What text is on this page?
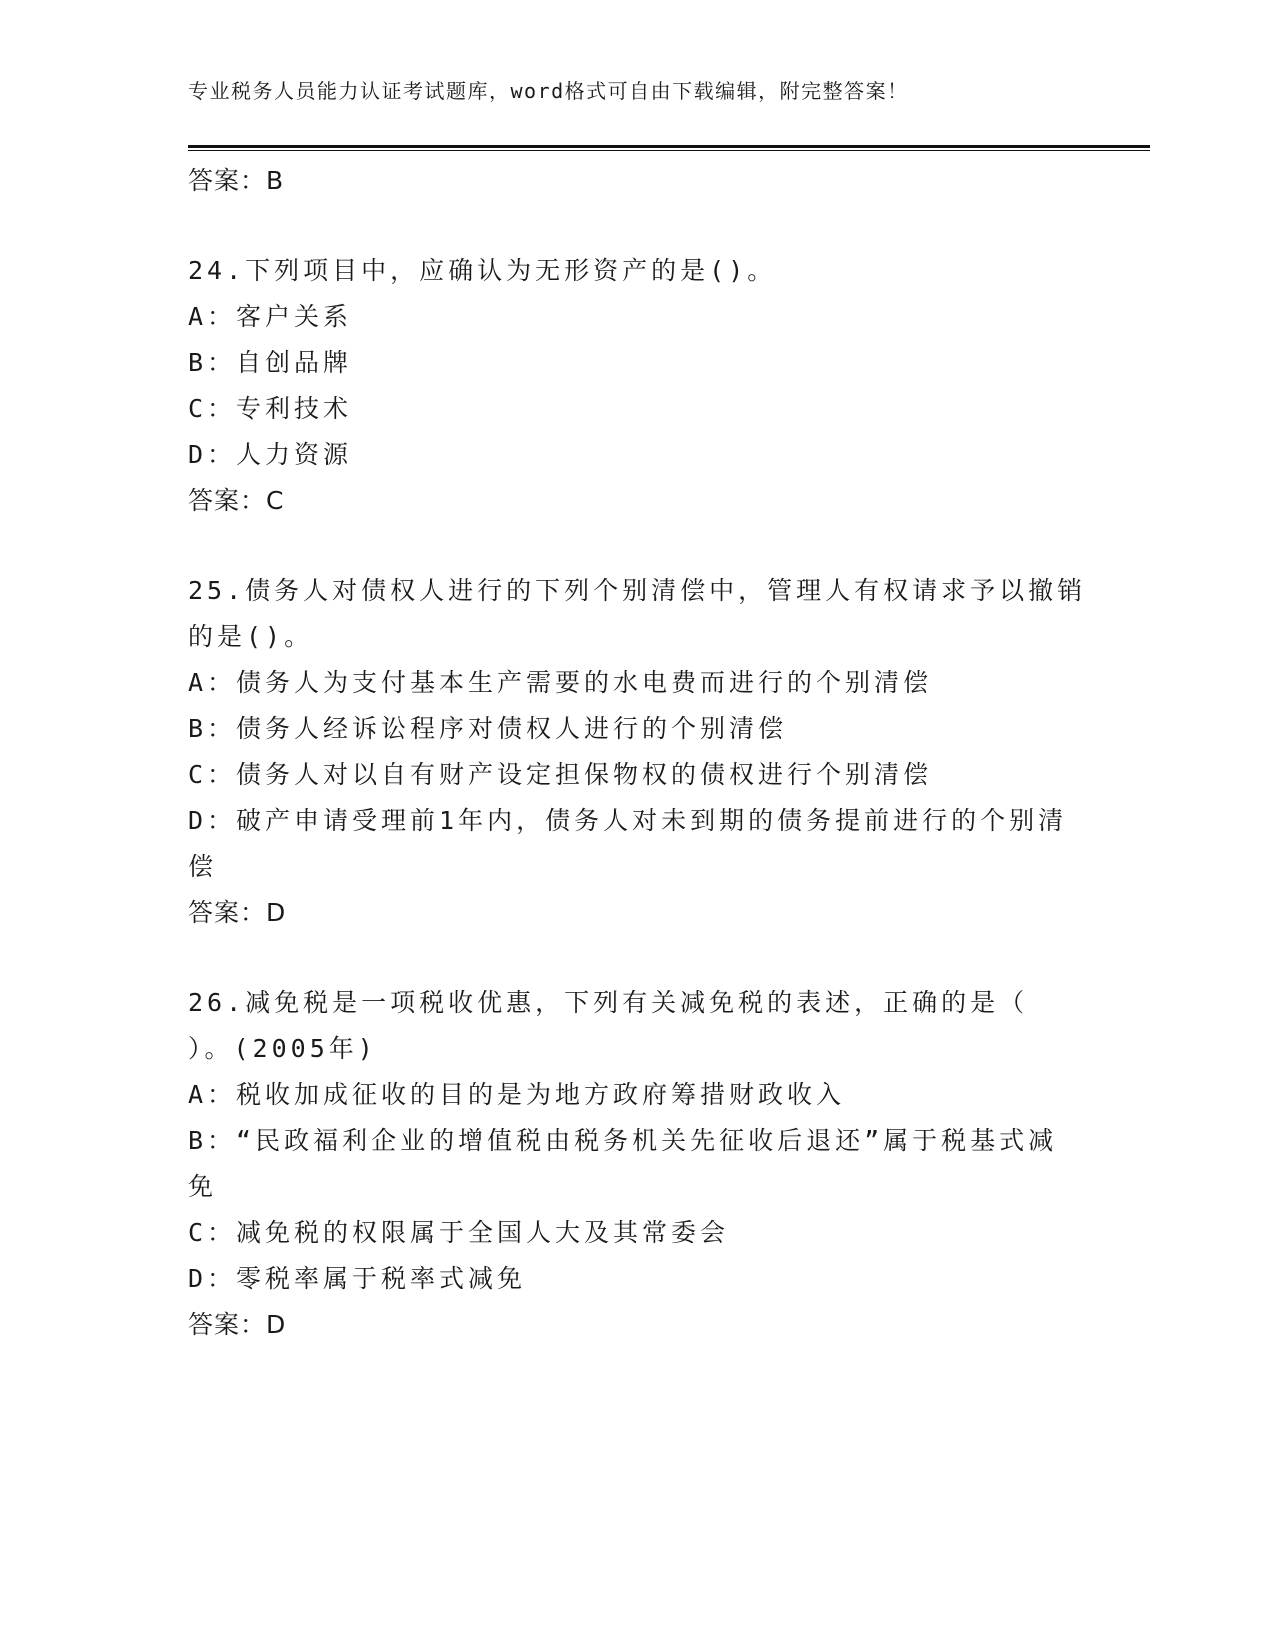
专业税务人员能力认证考试题库，word格式可自由下载编辑，附完整答案！
答案：B
24.下列项目中，应确认为无形资产的是()。
A：客户关系
B：自创品牌
C：专利技术
D：人力资源
答案：C
25.债务人对债权人进行的下列个别清偿中，管理人有权请求予以撤销
的是()。
A：债务人为支付基本生产需要的水电费而进行的个别清偿
B：债务人经诉讼程序对债权人进行的个别清偿
C：债务人对以自有财产设定担保物权的债权进行个别清偿
D：破产申请受理前1年内，债务人对未到期的债务提前进行的个别清
偿
答案：D
26.减免税是一项税收优惠，下列有关减免税的表述，正确的是（
）。(2005年)
A：税收加成征收的目的是为地方政府筹措财政收入
B：“民政福利企业的增值税由税务机关先征收后退还”属于税基式减
免
C：减免税的权限属于全国人大及其常委会
D：零税率属于税率式减免
答案：D
